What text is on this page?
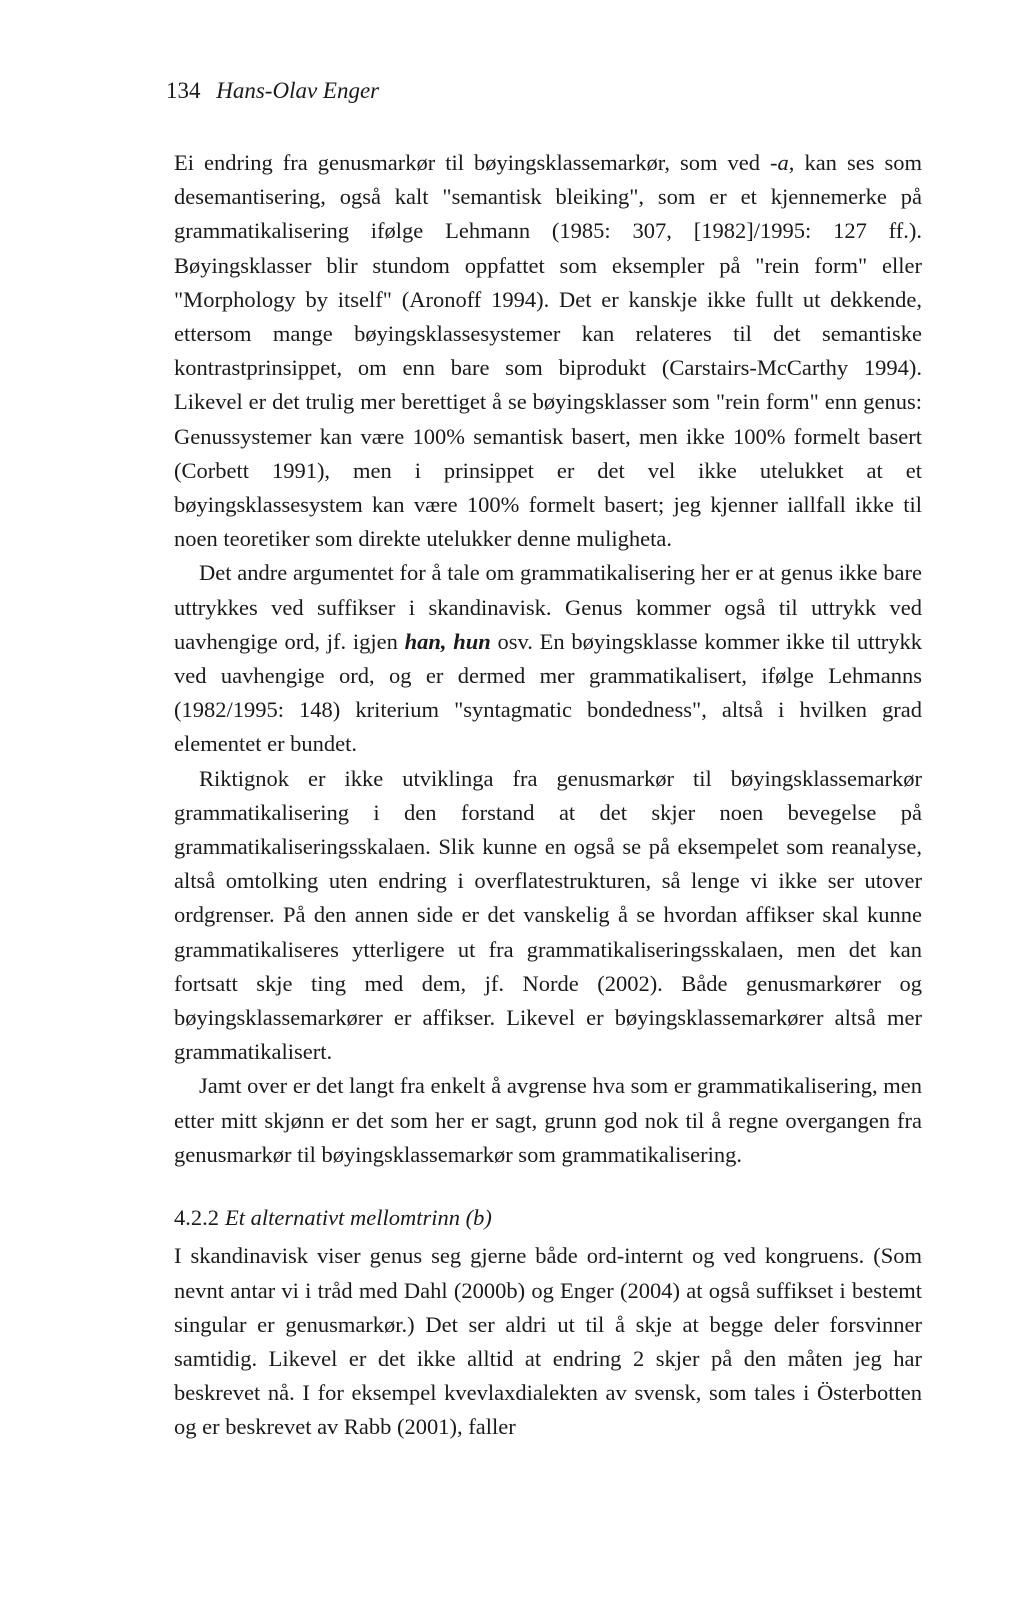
134 Hans-Olav Enger

Ei endring fra genusmarkør til bøyingsklassemarkør, som ved -a, kan ses som desemantisering, også kalt "semantisk bleiking", som er et kjennemerke på grammatikalisering ifølge Lehmann (1985: 307, [1982]/1995: 127 ff.). Bøyingsklasser blir stundom oppfattet som eksempler på "rein form" eller "Morphology by itself" (Aronoff 1994). Det er kanskje ikke fullt ut dekkende, ettersom mange bøyingsklassesystemer kan relateres til det semantiske kontrastprinsippet, om enn bare som biprodukt (Carstairs-McCarthy 1994). Likevel er det trulig mer berettiget å se bøyingsklasser som "rein form" enn genus: Genussystemer kan være 100% semantisk basert, men ikke 100% formelt basert (Corbett 1991), men i prinsippet er det vel ikke utelukket at et bøyingsklassesystem kan være 100% formelt basert; jeg kjenner iallfall ikke til noen teoretiker som direkte utelukker denne muligheta.

Det andre argumentet for å tale om grammatikalisering her er at genus ikke bare uttrykkes ved suffikser i skandinavisk. Genus kommer også til uttrykk ved uavhengige ord, jf. igjen han, hun osv. En bøyingsklasse kommer ikke til uttrykk ved uavhengige ord, og er dermed mer grammatikalisert, ifølge Lehmanns (1982/1995: 148) kriterium "syntagmatic bondedness", altså i hvilken grad elementet er bundet.

Riktignok er ikke utviklinga fra genusmarkør til bøyingsklassemarkør grammatikalisering i den forstand at det skjer noen bevegelse på grammatikaliseringsskalaen. Slik kunne en også se på eksempelet som reanalyse, altså omtolking uten endring i overflatestrukturen, så lenge vi ikke ser utover ordgrenser. På den annen side er det vanskelig å se hvordan affikser skal kunne grammatikaliseres ytterligere ut fra grammatikaliseringsskalaen, men det kan fortsatt skje ting med dem, jf. Norde (2002). Både genusmarkører og bøyingsklassemarkører er affikser. Likevel er bøyingsklassemarkører altså mer grammatikalisert.

Jamt over er det langt fra enkelt å avgrense hva som er grammatikalisering, men etter mitt skjønn er det som her er sagt, grunn god nok til å regne overgangen fra genusmarkør til bøyingsklassemarkør som grammatikalisering.

4.2.2 Et alternativt mellomtrinn (b)

I skandinavisk viser genus seg gjerne både ord-internt og ved kongruens. (Som nevnt antar vi i tråd med Dahl (2000b) og Enger (2004) at også suffikset i bestemt singular er genusmarkør.) Det ser aldri ut til å skje at begge deler forsvinner samtidig. Likevel er det ikke alltid at endring 2 skjer på den måten jeg har beskrevet nå. I for eksempel kvevlaxdialekten av svensk, som tales i Österbotten og er beskrevet av Rabb (2001), faller
